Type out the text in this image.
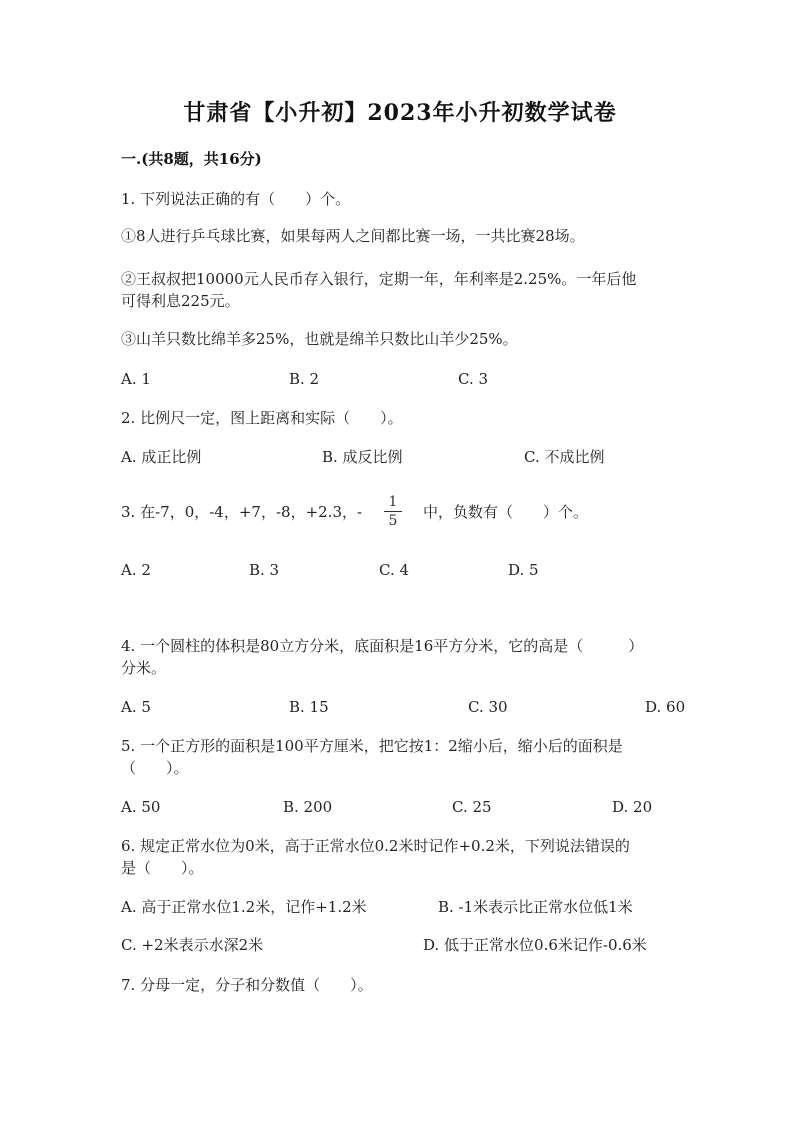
甘肃省【小升初】2023年小升初数学试卷
一.(共8题，共16分)
1. 下列说法正确的有（　　）个。
①8人进行乒乓球比赛，如果每两人之间都比赛一场，一共比赛28场。
②王叔叔把10000元人民币存入银行，定期一年，年利率是2.25%。一年后他
可得利息225元。
③山羊只数比绵羊多25%，也就是绵羊只数比山羊少25%。
A. 1	B. 2	C. 3
2. 比例尺一定，图上距离和实际（　　）。
A. 成正比例	B. 成反比例	C. 不成比例
3. 在-7，0，-4，+7，-8，+2.3，-
1
5	中，负数有（　　）个。
A. 2	B. 3	C. 4	D. 5
4. 一个圆柱的体积是80立方分米，底面积是16平方分米，它的高是（　　　）
分米。
A. 5	B. 15	C. 30	D. 60
5. 一个正方形的面积是100平方厘米，把它按1：2缩小后，缩小后的面积是
（　　）。
A. 50	B. 200	C. 25	D. 20
6. 规定正常水位为0米，高于正常水位0.2米时记作+0.2米，下列说法错误的
是（　　）。
A. 高于正常水位1.2米，记作+1.2米	B. -1米表示比正常水位低1米
C. +2米表示水深2米	D. 低于正常水位0.6米记作-0.6米
7. 分母一定，分子和分数值（　　）。
